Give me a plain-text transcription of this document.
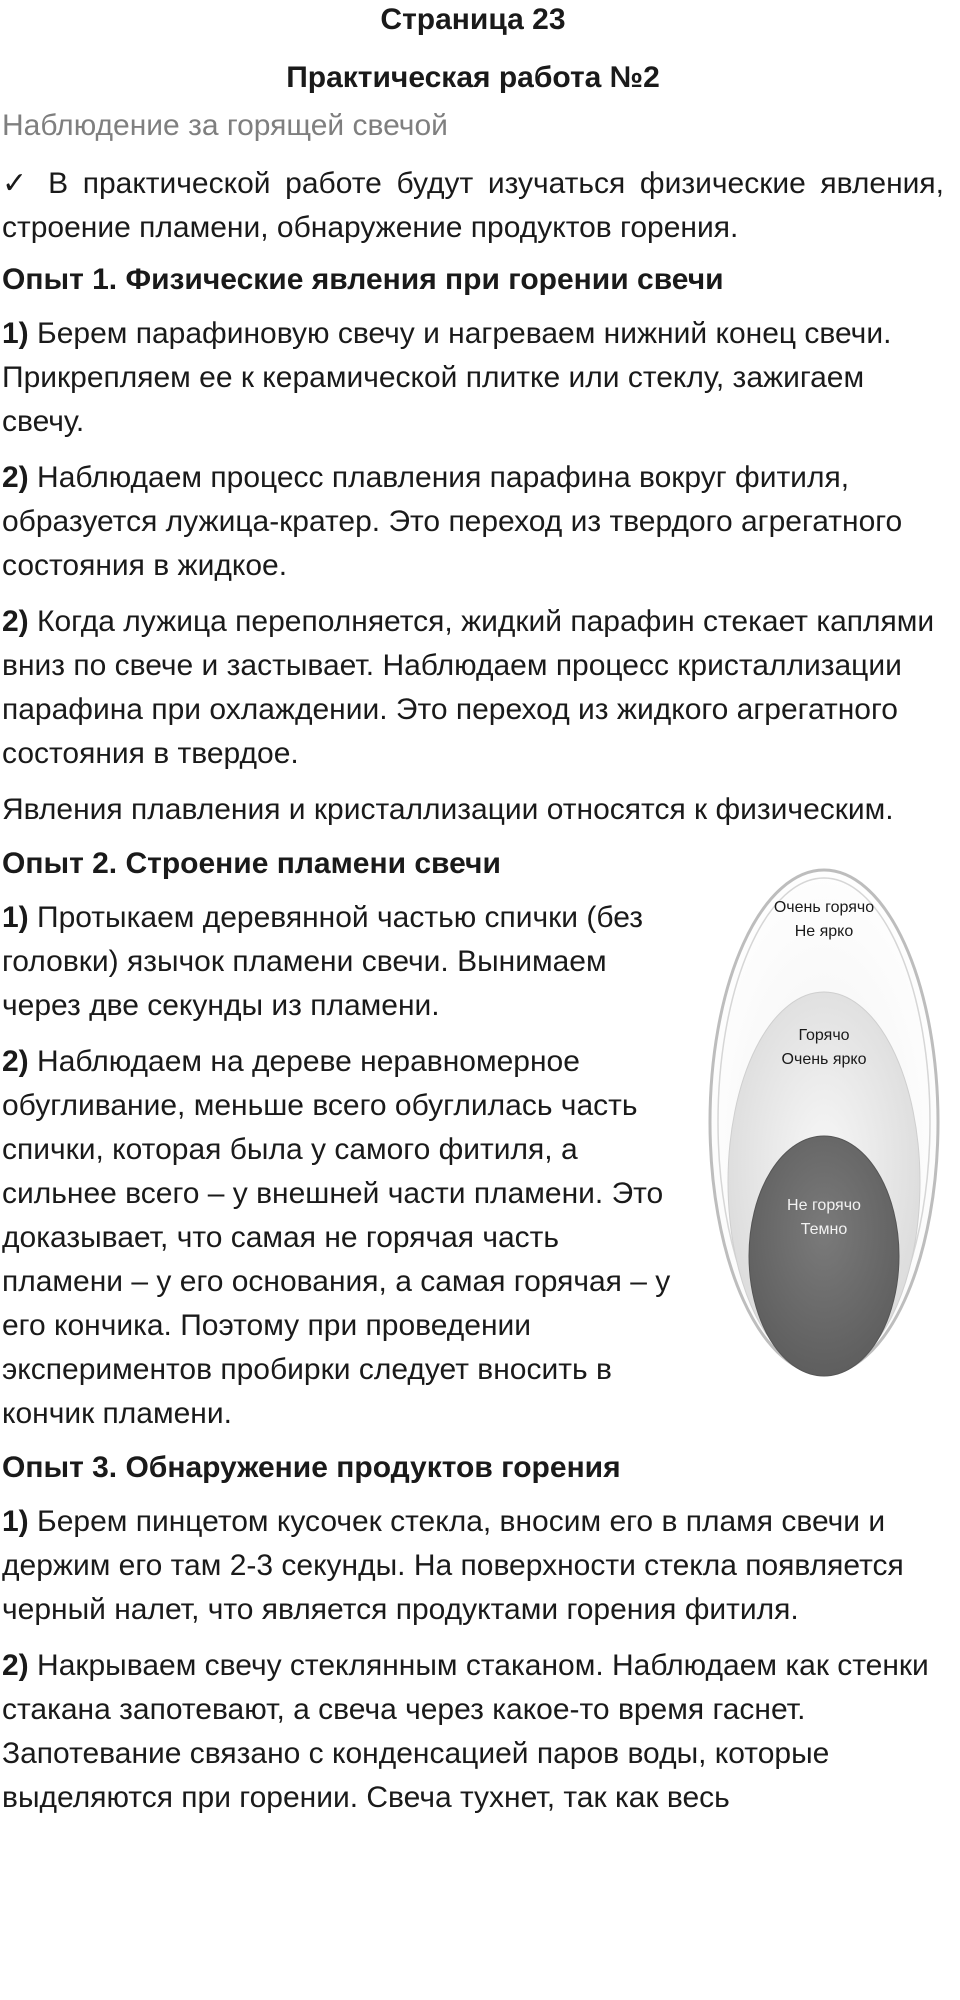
Страница 23
Практическая работа №2
Наблюдение за горящей свечой
✓ В практической работе будут изучаться физические явления, строение пламени, обнаружение продуктов горения.
Опыт 1. Физические явления при горении свечи
1) Берем парафиновую свечу и нагреваем нижний конец свечи. Прикрепляем ее к керамической плитке или стеклу, зажигаем свечу.
2) Наблюдаем процесс плавления парафина вокруг фитиля, образуется лужица-кратер. Это переход из твердого агрегатного состояния в жидкое.
2) Когда лужица переполняется, жидкий парафин стекает каплями вниз по свече и застывает. Наблюдаем процесс кристаллизации парафина при охлаждении. Это переход из жидкого агрегатного состояния в твердое.
Явления плавления и кристаллизации относятся к физическим.
Опыт 2. Строение пламени свечи
1) Протыкаем деревянной частью спички (без головки) язычок пламени свечи. Вынимаем через две секунды из пламени.
2) Наблюдаем на дереве неравномерное обугливание, меньше всего обуглилась часть спички, которая была у самого фитиля, а сильнее всего – у внешней части пламени. Это доказывает, что самая не горячая часть пламени – у его основания, а самая горячая – у его кончика. Поэтому при проведении экспериментов пробирки следует вносить в кончик пламени.
Очень горячо
Не ярко
Горячо
Очень ярко
Не горячо
Темно
Опыт 3. Обнаружение продуктов горения
1) Берем пинцетом кусочек стекла, вносим его в пламя свечи и держим его там 2-3 секунды. На поверхности стекла появляется черный налет, что является продуктами горения фитиля.
2) Накрываем свечу стеклянным стаканом. Наблюдаем как стенки стакана запотевают, а свеча через какое-то время гаснет. Запотевание связано с конденсацией паров воды, которые выделяются при горении. Свеча тухнет, так как весь
